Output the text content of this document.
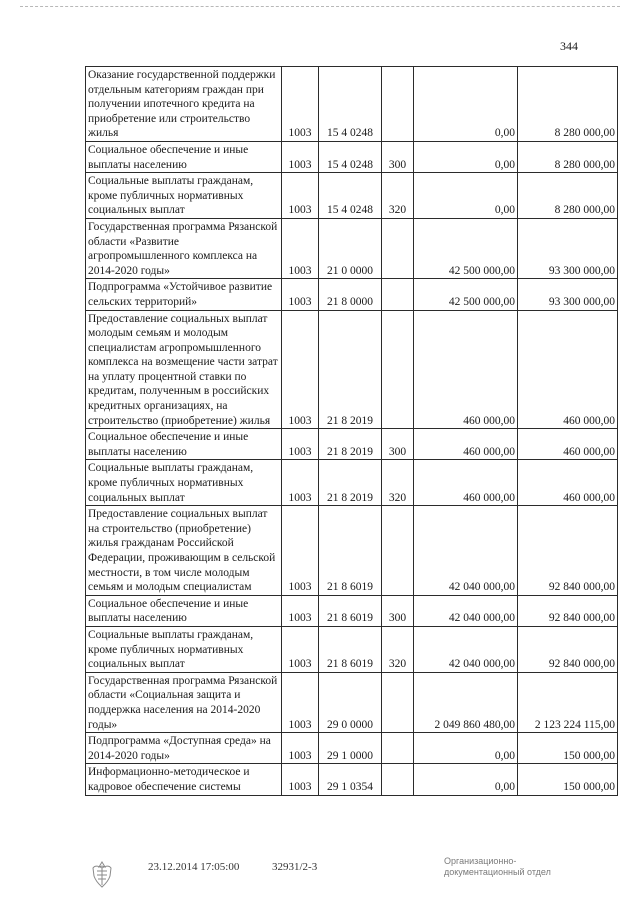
344
Оказание государственной поддержки отдельным категориям граждан при получении ипотечного кредита на приобретение или строительство жилья	1003	15 4 0248		0,00	8 280 000,00
Социальное обеспечение и иные выплаты населению	1003	15 4 0248	300	0,00	8 280 000,00
Социальные выплаты гражданам, кроме публичных нормативных социальных выплат	1003	15 4 0248	320	0,00	8 280 000,00
Государственная программа Рязанской области «Развитие агропромышленного комплекса на 2014-2020 годы»	1003	21 0 0000		42 500 000,00	93 300 000,00
Подпрограмма «Устойчивое развитие сельских территорий»	1003	21 8 0000		42 500 000,00	93 300 000,00
Предоставление социальных выплат молодым семьям и молодым специалистам агропромышленного комплекса на возмещение части затрат на уплату процентной ставки по кредитам, полученным в российских кредитных организациях, на строительство (приобретение) жилья	1003	21 8 2019		460 000,00	460 000,00
Социальное обеспечение и иные выплаты населению	1003	21 8 2019	300	460 000,00	460 000,00
Социальные выплаты гражданам, кроме публичных нормативных социальных выплат	1003	21 8 2019	320	460 000,00	460 000,00
Предоставление социальных выплат на строительство (приобретение) жилья гражданам Российской Федерации, проживающим в сельской местности, в том числе молодым семьям и молодым специалистам	1003	21 8 6019		42 040 000,00	92 840 000,00
Социальное обеспечение и иные выплаты населению	1003	21 8 6019	300	42 040 000,00	92 840 000,00
Социальные выплаты гражданам, кроме публичных нормативных социальных выплат	1003	21 8 6019	320	42 040 000,00	92 840 000,00
Государственная программа Рязанской области «Социальная защита и поддержка населения на 2014-2020 годы»	1003	29 0 0000		2 049 860 480,00	2 123 224 115,00
Подпрограмма «Доступная среда» на 2014-2020 годы»	1003	29 1 0000		0,00	150 000,00
Информационно-методическое и кадровое обеспечение системы	1003	29 1 0354		0,00	150 000,00
23.12.2014 17:05:00	32931/2-3	Организационно-
документационный отдел
